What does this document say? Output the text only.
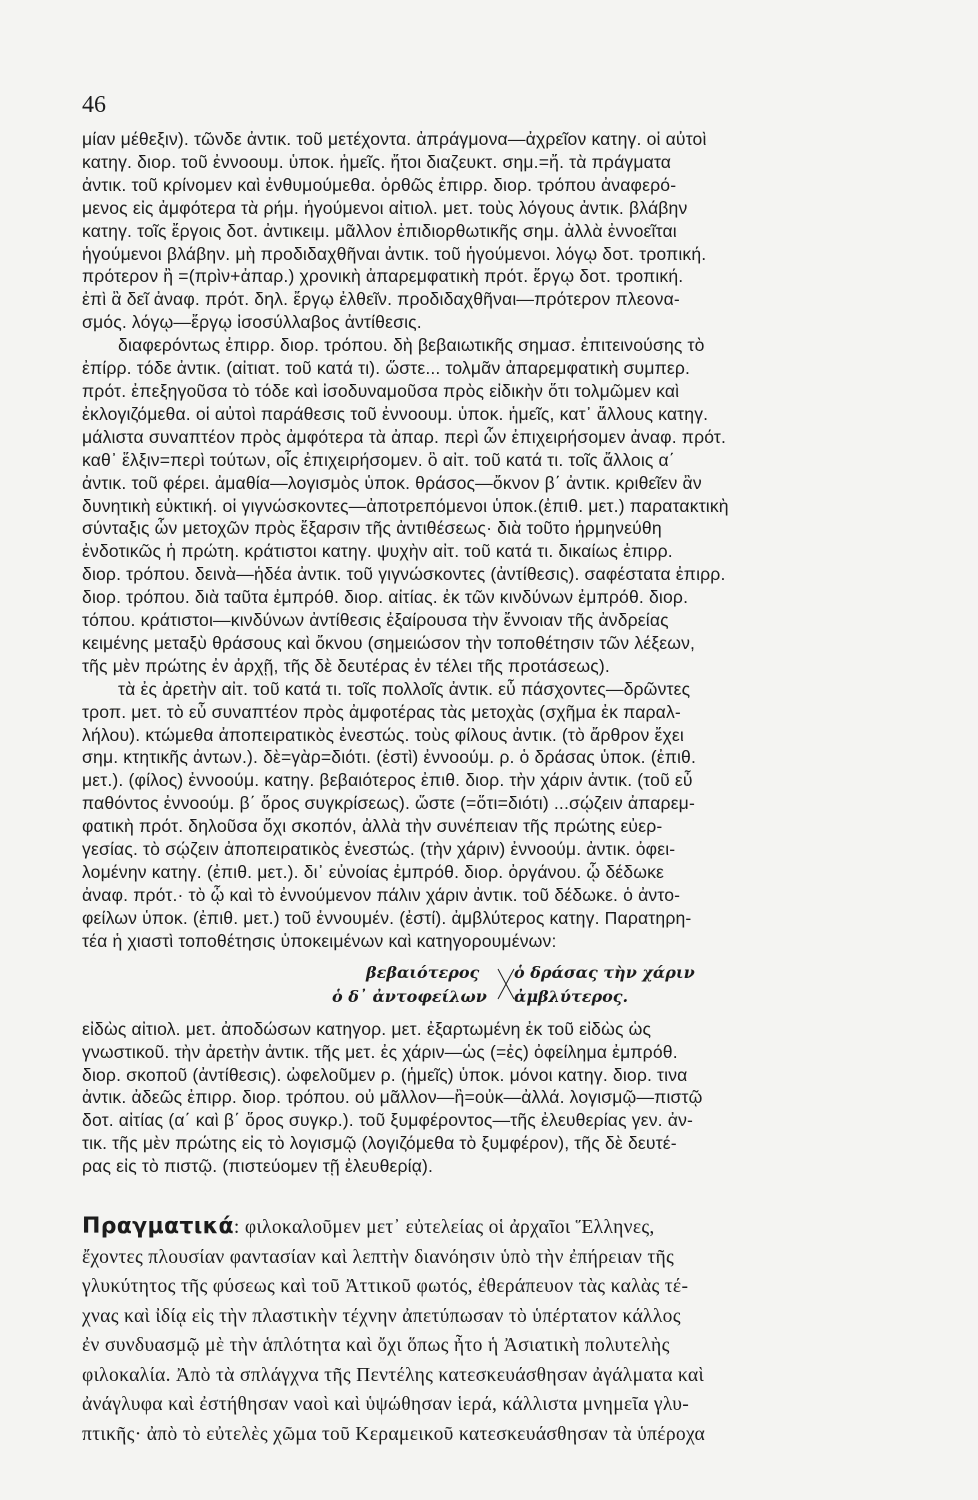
46

μίαν μέθεξιν). τῶνδε ἀντικ. τοῦ μετέχοντα. ἀπράγμονα—ἀχρεῖον κατηγ. οἱ αὐτοὶ

κατηγ. διορ. τοῦ ἐννοουμ. ὑποκ. ἡμεῖς. ἤτοι διαζευκτ. σημ.=ἤ. τὰ πράγματα

ἀντικ. τοῦ κρίνομεν καὶ ἐνθυμούμεθα. ὀρθῶς ἐπιρρ. διορ. τρόπου ἀναφερό-

μενος εἰς ἀμφότερα τὰ ρήμ. ἡγούμενοι αἰτιολ. μετ. τοὺς λόγους ἀντικ. βλάβην

κατηγ. τοῖς ἔργοις δοτ. ἀντικειμ. μᾶλλον ἐπιδιορθωτικῆς σημ. ἀλλὰ ἐννοεῖται

ἡγούμενοι βλάβην. μὴ προδιδαχθῆναι ἀντικ. τοῦ ἡγούμενοι. λόγῳ δοτ. τροπική.

πρότερον ἢ =(πρὶν+ἀπαρ.) χρονικὴ ἀπαρεμφατικὴ πρότ. ἔργῳ δοτ. τροπική.

ἐπὶ ἃ δεῖ ἀναφ. πρότ. δηλ. ἔργῳ ἐλθεῖν. προδιδαχθῆναι—πρότερον πλεονα-

σμός. λόγῳ—ἔργῳ ἰσοσύλλαβος ἀντίθεσις.

διαφερόντως ἐπιρρ. διορ. τρόπου. δὴ βεβαιωτικῆς σημασ. ἐπιτεινούσης τὸ

ἐπίρρ. τόδε ἀντικ. (αἰτιατ. τοῦ κατά τι). ὥστε... τολμᾶν ἀπαρεμφατικὴ συμπερ.

πρότ. ἐπεξηγοῦσα τὸ τόδε καὶ ἰσοδυναμοῦσα πρὸς εἰδικὴν ὅτι τολμῶμεν καὶ

ἐκλογιζόμεθα. οἱ αὐτοὶ παράθεσις τοῦ ἐννοουμ. ὑποκ. ἡμεῖς, κατ᾽ ἄλλους κατηγ.

μάλιστα συναπτέον πρὸς ἀμφότερα τὰ ἀπαρ. περὶ ὧν ἐπιχειρήσομεν ἀναφ. πρότ.

καθ᾽ ἕλξιν=περὶ τούτων, οἷς ἐπιχειρήσομεν. ὃ αἰτ. τοῦ κατά τι. τοῖς ἄλλοις α΄

ἀντικ. τοῦ φέρει. ἀμαθία—λογισμὸς ὑποκ. θράσος—ὄκνον β΄ ἀντικ. κριθεῖεν ἂν

δυνητικὴ εὐκτική. οἱ γιγνώσκοντες—ἀποτρεπόμενοι ὑποκ.(ἐπιθ. μετ.) παρατακτικὴ

σύνταξις ὧν μετοχῶν πρὸς ἔξαρσιν τῆς ἀντιθέσεως· διὰ τοῦτο ἡρμηνεύθη

ἐνδοτικῶς ἡ πρώτη. κράτιστοι κατηγ. ψυχὴν αἰτ. τοῦ κατά τι. δικαίως ἐπιρρ.

διορ. τρόπου. δεινὰ—ἡδέα ἀντικ. τοῦ γιγνώσκοντες (ἀντίθεσις). σαφέστατα ἐπιρρ.

διορ. τρόπου. διὰ ταῦτα ἐμπρόθ. διορ. αἰτίας. ἐκ τῶν κινδύνων ἐμπρόθ. διορ.

τόπου. κράτιστοι—κινδύνων ἀντίθεσις ἐξαίρουσα τὴν ἔννοιαν τῆς ἀνδρείας

κειμένης μεταξὺ θράσους καὶ ὄκνου (σημειώσον τὴν τοποθέτησιν τῶν λέξεων,

τῆς μὲν πρώτης ἐν ἀρχῇ, τῆς δὲ δευτέρας ἐν τέλει τῆς προτάσεως).

τὰ ἐς ἀρετὴν αἰτ. τοῦ κατά τι. τοῖς πολλοῖς ἀντικ. εὖ πάσχοντες—δρῶντες

τροπ. μετ. τὸ εὖ συναπτέον πρὸς ἀμφοτέρας τὰς μετοχὰς (σχῆμα ἐκ παραλ-

λήλου). κτώμεθα ἀποπειρατικὸς ἐνεστώς. τοὺς φίλους ἀντικ. (τὸ ἄρθρον ἔχει

σημ. κτητικῆς ἀντων.). δὲ=γὰρ=διότι. (ἐστὶ) ἐννοούμ. ρ. ὁ δράσας ὑποκ. (ἐπιθ.

μετ.). (φίλος) ἐννοούμ. κατηγ. βεβαιότερος ἐπιθ. διορ. τὴν χάριν ἀντικ. (τοῦ εὖ

παθόντος ἐννοούμ. β΄ ὅρος συγκρίσεως). ὥστε (=ὅτι=διότι) ...σῴζειν ἀπαρεμ-

φατικὴ πρότ. δηλοῦσα ὄχι σκοπόν, ἀλλὰ τὴν συνέπειαν τῆς πρώτης εὐερ-

γεσίας. τὸ σῴζειν ἀποπειρατικὸς ἐνεστώς. (τὴν χάριν) ἐννοούμ. ἀντικ. ὀφει-

λομένην κατηγ. (ἐπιθ. μετ.). δι᾽ εὐνοίας ἐμπρόθ. διορ. ὀργάνου. ᾧ δέδωκε

ἀναφ. πρότ.· τὸ ᾧ καὶ τὸ ἐννούμενον πάλιν χάριν ἀντικ. τοῦ δέδωκε. ὁ ἀντο-

φείλων ὑποκ. (ἐπιθ. μετ.) τοῦ ἐννουμέν. (ἐστί). ἀμβλύτερος κατηγ. Παρατηρη-

τέα ἡ χιαστὶ τοποθέτησις ὑποκειμένων καὶ κατηγορουμένων:

βεβαιότερος ὁ δράσας τὴν χάριν
ὁ δ᾽ ἀντοφείλων ἀμβλύτερος.

εἰδὼς αἰτιολ. μετ. ἀποδώσων κατηγορ. μετ. ἐξαρτωμένη ἐκ τοῦ εἰδὼς ὡς

γνωστικοῦ. τὴν ἀρετὴν ἀντικ. τῆς μετ. ἐς χάριν—ὡς (=ἐς) ὀφείλημα ἐμπρόθ.

διορ. σκοποῦ (ἀντίθεσις). ὠφελοῦμεν ρ. (ἡμεῖς) ὑποκ. μόνοι κατηγ. διορ. τινα

ἀντικ. ἀδεῶς ἐπιρρ. διορ. τρόπου. οὐ μᾶλλον—ἢ=οὐκ—ἀλλά. λογισμῷ—πιστῷ

δοτ. αἰτίας (α΄ καὶ β΄ ὅρος συγκρ.). τοῦ ξυμφέροντος—τῆς ἐλευθερίας γεν. ἀν-

τικ. τῆς μὲν πρώτης εἰς τὸ λογισμῷ (λογιζόμεθα τὸ ξυμφέρον), τῆς δὲ δευτέ-

ρας εἰς τὸ πιστῷ. (πιστεύομεν τῇ ἐλευθερίᾳ).

Πραγματικά: φιλοκαλοῦμεν μετ᾽ εὐτελείας οἱ ἀρχαῖοι Ἕλληνες,

ἔχοντες πλουσίαν φαντασίαν καὶ λεπτὴν διανόησιν ὑπὸ τὴν ἐπήρειαν τῆς

γλυκύτητος τῆς φύσεως καὶ τοῦ Ἀττικοῦ φωτός, ἐθεράπευον τὰς καλὰς τέ-

χνας καὶ ἰδίᾳ εἰς τὴν πλαστικὴν τέχνην ἀπετύπωσαν τὸ ὑπέρτατον κάλλος

ἐν συνδυασμῷ μὲ τὴν ἁπλότητα καὶ ὄχι ὅπως ἦτο ἡ Ἀσιατικὴ πολυτελὴς

φιλοκαλία. Ἀπὸ τὰ σπλάγχνα τῆς Πεντέλης κατεσκευάσθησαν ἀγάλματα καὶ

ἀνάγλυφα καὶ ἐστήθησαν ναοὶ καὶ ὑψώθησαν ἱερά, κάλλιστα μνημεῖα γλυ-

πτικῆς· ἀπὸ τὸ εὐτελὲς χῶμα τοῦ Κεραμεικοῦ κατεσκευάσθησαν τὰ ὑπέροχα
